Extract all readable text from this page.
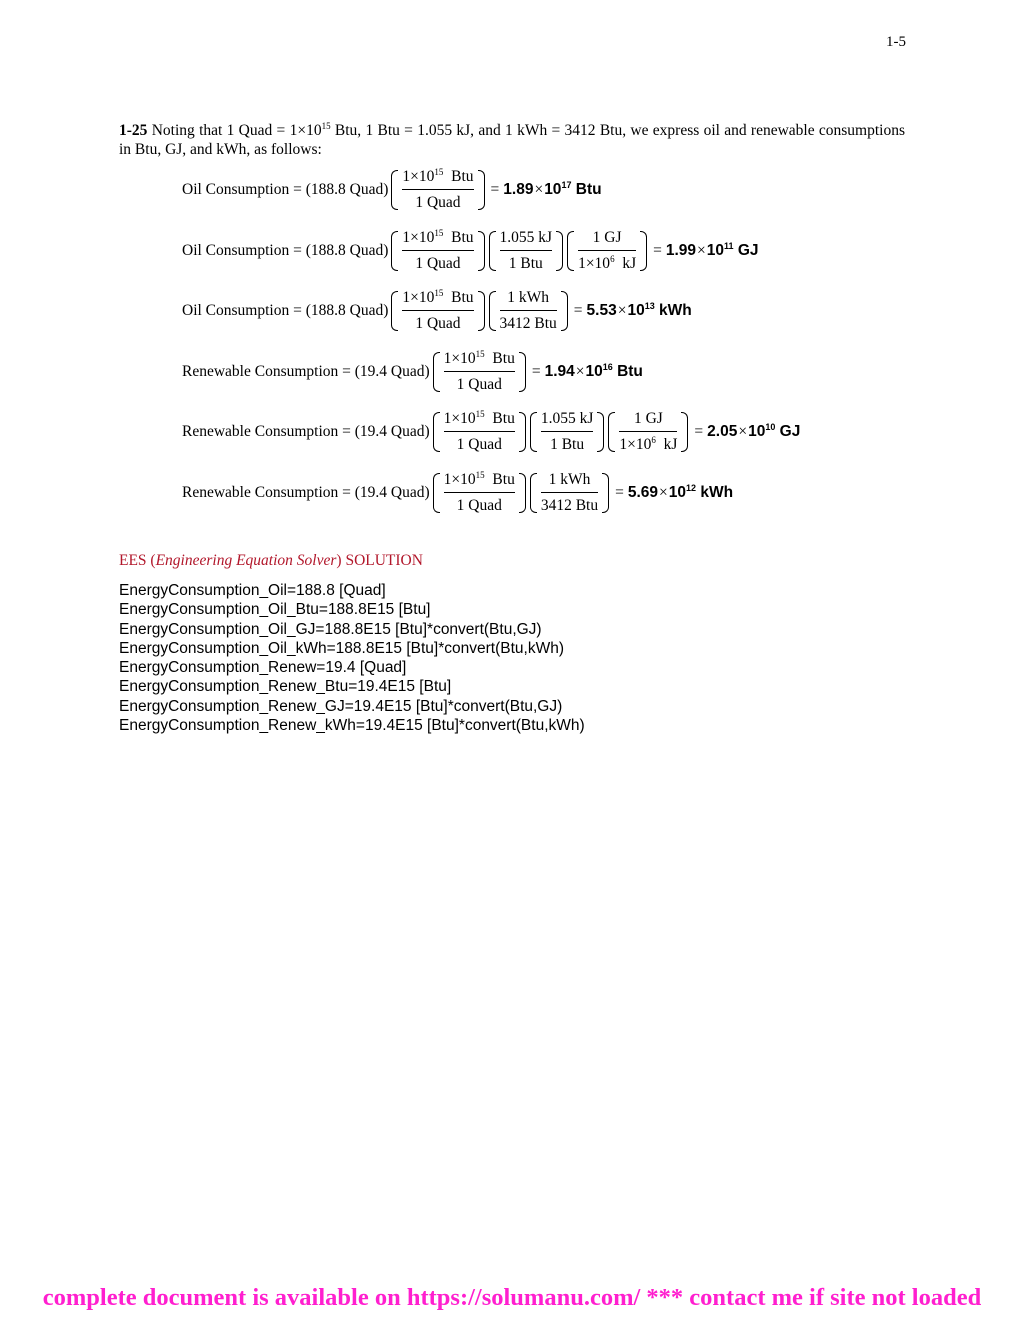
1-5
1-25 Noting that 1 Quad = $1\times 10^{15}$ Btu, 1 Btu = 1.055 kJ, and 1 kWh = 3412 Btu, we express oil and renewable consumptions in Btu, GJ, and kWh, as follows:
Oil Consumption = (188.8 Quad) $\frac{1\times 10^{15} Btu}{\text{1 Quad}} = 1.89\times 10^{17}$ Btu
Oil Consumption = (188.8 Quad) $\frac{1\times 10^{15} Btu}{\text{1 Quad}} \frac{1.055 kJ}{\text{1 Btu}} \frac{1 GJ}{1\times 10^6 kJ} = 1.99\times 10^{11}$ GJ
Oil Consumption = (188.8 Quad) $\frac{1\times 10^{15} Btu}{\text{1 Quad}} \frac{\text{1 kWh}}{\text{3412 Btu}} = 5.53\times 10^{13}$ kWh
Renewable Consumption = (19.4 Quad) $\frac{1\times 10^{15} Btu}{\text{1 Quad}} = 1.94\times 10^{16}$ Btu
Renewable Consumption = (19.4 Quad) $\frac{1\times 10^{15} Btu}{\text{1 Quad}} \frac{1.055 kJ}{\text{1 Btu}} \frac{1 GJ}{1\times 10^6 kJ} = 2.05\times 10^{10}$ GJ
Renewable Consumption = (19.4 Quad) $\frac{1\times 10^{15} Btu}{\text{1 Quad}} \frac{\text{1 kWh}}{\text{3412 Btu}} = 5.69\times 10^{12}$ kWh
EES (Engineering Equation Solver) SOLUTION
EnergyConsumption_Oil=188.8 [Quad]
EnergyConsumption_Oil_Btu=188.8E15 [Btu]
EnergyConsumption_Oil_GJ=188.8E15 [Btu]*convert(Btu,GJ)
EnergyConsumption_Oil_kWh=188.8E15 [Btu]*convert(Btu,kWh)
EnergyConsumption_Renew=19.4 [Quad]
EnergyConsumption_Renew_Btu=19.4E15 [Btu]
EnergyConsumption_Renew_GJ=19.4E15 [Btu]*convert(Btu,GJ)
EnergyConsumption_Renew_kWh=19.4E15 [Btu]*convert(Btu,kWh)
complete document is available on https://solumanu.com/ *** contact me if site not loaded
